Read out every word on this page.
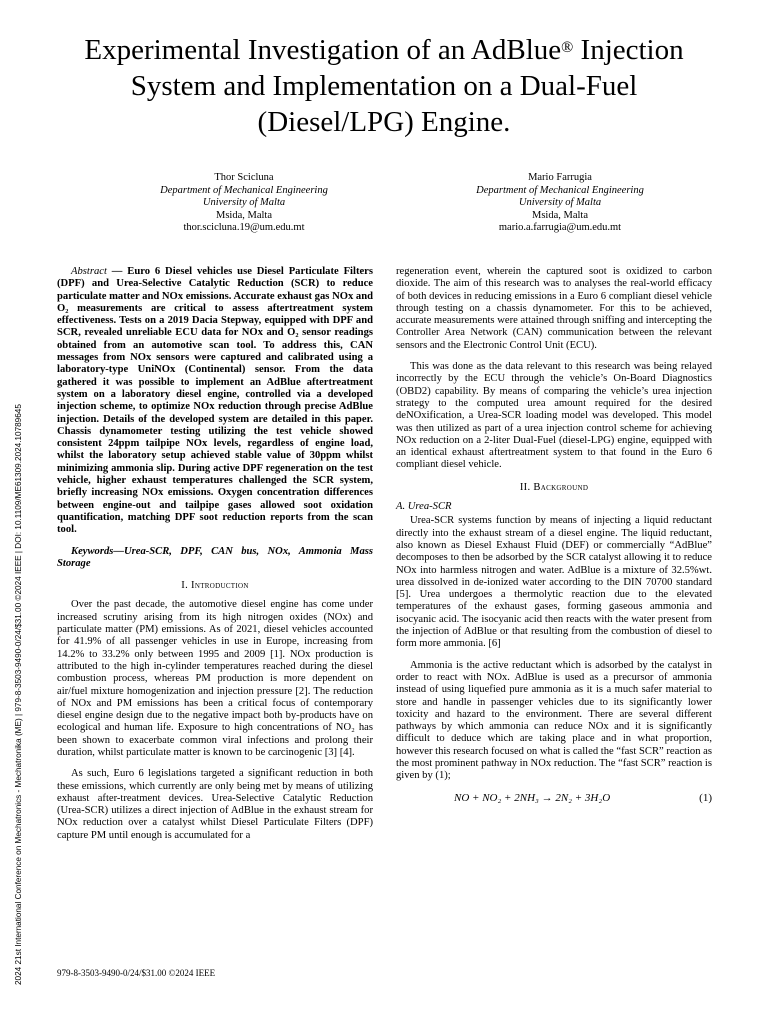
Experimental Investigation of an AdBlue® Injection
System and Implementation on a Dual-Fuel
(Diesel/LPG) Engine.
Thor Scicluna
Department of Mechanical Engineering
University of Malta
Msida, Malta
thor.scicluna.19@um.edu.mt
Mario Farrugia
Department of Mechanical Engineering
University of Malta
Msida, Malta
mario.a.farrugia@um.edu.mt

Abstract — Euro 6 Diesel vehicles use Diesel Particulate Filters (DPF) and Urea-Selective Catalytic Reduction (SCR) to reduce particulate matter and NOx emissions. Accurate exhaust gas NOx and O₂ measurements are critical to assess aftertreatment system effectiveness. Tests on a 2019 Dacia Stepway, equipped with DPF and SCR, revealed unreliable ECU data for NOx and O₂ sensor readings obtained from an automotive scan tool. To address this, CAN messages from NOx sensors were captured and calibrated using a laboratory-type UniNOx (Continental) sensor. From the data gathered it was possible to implement an AdBlue aftertreatment system on a laboratory diesel engine, controlled via a developed injection scheme, to optimize NOx reduction through precise AdBlue injection. Details of the developed system are detailed in this paper. Chassis dynamometer testing utilizing the test vehicle showed consistent 24ppm tailpipe NOx levels, regardless of engine load, whilst the laboratory setup achieved stable value of 30ppm whilst minimizing ammonia slip. During active DPF regeneration on the test vehicle, higher exhaust temperatures challenged the SCR system, briefly increasing NOx emissions. Oxygen concentration differences between engine-out and tailpipe gases allowed soot oxidation quantification, matching DPF soot reduction reports from the scan tool.

Keywords—Urea-SCR, DPF, CAN bus, NOx, Ammonia Mass Storage

I. Introduction

Over the past decade, the automotive diesel engine has come under increased scrutiny arising from its high nitrogen oxides (NOx) and particulate matter (PM) emissions. As of 2021, diesel vehicles accounted for 41.9% of all passenger vehicles in use in Europe, increasing from 14.2% to 33.2% only between 1995 and 2009 [1]. NOx production is attributed to the high in-cylinder temperatures reached during the diesel combustion process, whereas PM production is more dependent on air/fuel mixture homogenization and injection pressure [2]. The reduction of NOx and PM emissions has been a critical focus of contemporary diesel engine design due to the negative impact both by-products have on ecological and human life. Exposure to high concentrations of NO₂ has been shown to exacerbate common viral infections and prolong their duration, whilst particulate matter is known to be carcinogenic [3] [4].

As such, Euro 6 legislations targeted a significant reduction in both these emissions, which currently are only being met by means of utilizing exhaust after-treatment devices. Urea-Selective Catalytic Reduction (Urea-SCR) utilizes a direct injection of AdBlue in the exhaust stream for NOx reduction over a catalyst whilst Diesel Particulate Filters (DPF) capture PM until enough is accumulated for a

regeneration event, wherein the captured soot is oxidized to carbon dioxide. The aim of this research was to analyses the real-world efficacy of both devices in reducing emissions in a Euro 6 compliant diesel vehicle through testing on a chassis dynamometer. For this to be achieved, accurate measurements were attained through sniffing and intercepting the Controller Area Network (CAN) communication between the relevant sensors and the Electronic Control Unit (ECU).

This was done as the data relevant to this research was being relayed incorrectly by the ECU through the vehicle’s On-Board Diagnostics (OBD2) capability. By means of comparing the vehicle’s urea injection strategy to the computed urea amount required for the desired deNOxification, a Urea-SCR loading model was developed. This model was then utilized as part of a urea injection control scheme for achieving NOx reduction on a 2-liter Dual-Fuel (diesel-LPG) engine, equipped with an identical exhaust aftertreatment system to that found in the Euro 6 compliant diesel vehicle.

II. Background
A. Urea-SCR

Urea-SCR systems function by means of injecting a liquid reductant directly into the exhaust stream of a diesel engine. The liquid reductant, also known as Diesel Exhaust Fluid (DEF) or commercially “AdBlue” decomposes to then be adsorbed by the SCR catalyst allowing it to reduce NOx into harmless nitrogen and water. AdBlue is a mixture of 32.5%wt. urea dissolved in de-ionized water according to the DIN 70700 standard [5]. Urea undergoes a thermolytic reaction due to the elevated temperatures of the exhaust gases, forming gaseous ammonia and isocyanic acid. The isocyanic acid then reacts with the water present from the injection of AdBlue or that resulting from the combustion of diesel to form more ammonia. [6]

Ammonia is the active reductant which is adsorbed by the catalyst in order to react with NOx. AdBlue is used as a precursor of ammonia instead of using liquefied pure ammonia as it is a much safer material to store and handle in passenger vehicles due to its significantly lower toxicity and hazard to the environment. There are several different pathways by which ammonia can reduce NOx and it is significantly difficult to deduce which are taking place and in what proportion, however this research focused on what is called the “fast SCR” reaction as the most prominent pathway in NOx reduction. The “fast SCR” reaction is given by (1);

NO + NO₂ + 2NH₃ → 2N₂ + 3H₂O	(1)
979-8-3503-9490-0/24/$31.00 ©2024 IEEE
2024 21st International Conference on Mechatronics - Mechatronika (ME) | 979-8-3503-9490-0/24/$31.00 ©2024 IEEE | DOI: 10.1109/ME61309.2024.10789645
